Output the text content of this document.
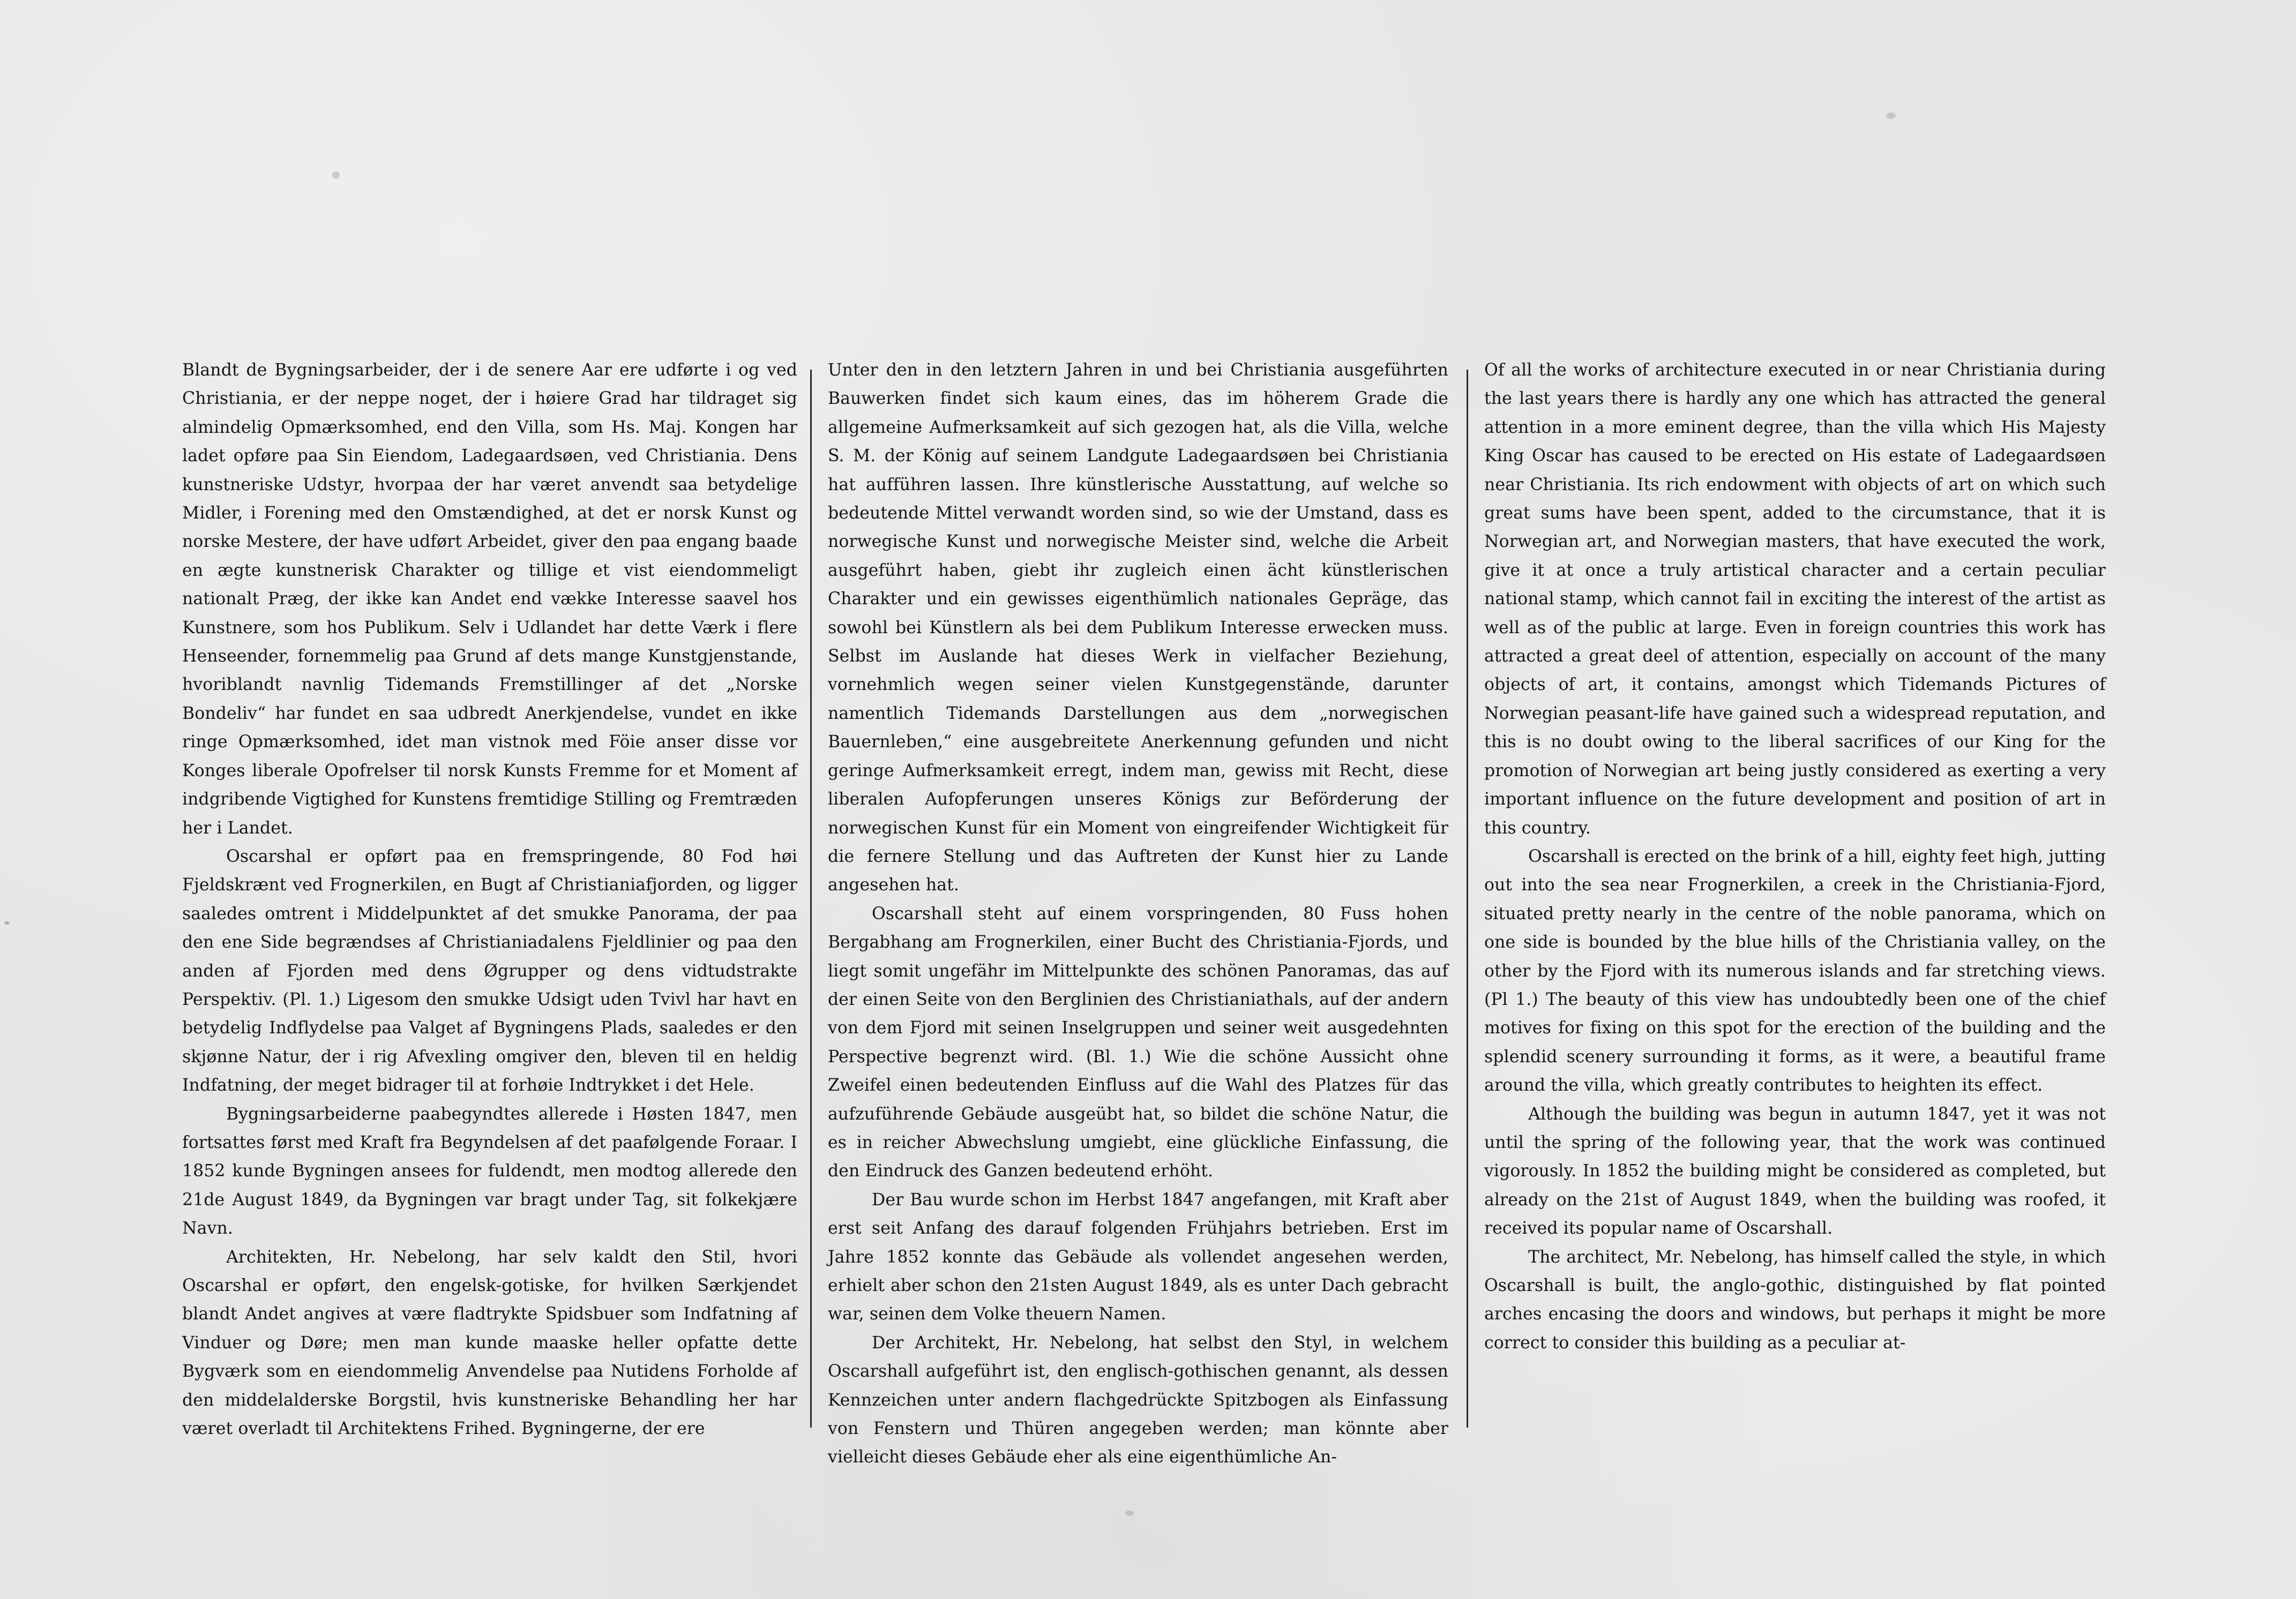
Blandt de Bygningsarbeider, der i de senere Aar ere udførte i og ved Christiania, er der neppe noget, der i høiere Grad har tildraget sig almindelig Opmærksomhed, end den Villa, som Hs. Maj. Kongen har ladet opføre paa Sin Eiendom, Ladegaardsøen, ved Christiania. Dens kunstneriske Udstyr, hvorpaa der har været anvendt saa betydelige Midler, i Forening med den Omstændighed, at det er norsk Kunst og norske Mestere, der have udført Arbeidet, giver den paa engang baade en ægte kunstnerisk Charakter og tillige et vist eiendommeligt nationalt Præg, der ikke kan Andet end vække Interesse saavel hos Kunstnere, som hos Publikum. Selv i Udlandet har dette Værk i flere Henseender, fornemmelig paa Grund af dets mange Kunstgjenstande, hvoriblandt navnlig Tidemands Fremstillinger af det „Norske Bondeliv“ har fundet en saa udbredt Anerkjendelse, vundet en ikke ringe Opmærksomhed, idet man vistnok med Föie anser disse vor Konges liberale Opofrelser til norsk Kunsts Fremme for et Moment af indgribende Vigtighed for Kunstens fremtidige Stilling og Fremtræden her i Landet.

Oscarshal er opført paa en fremspringende, 80 Fod høi Fjeldskrænt ved Frognerkilen, en Bugt af Christianiafjorden, og ligger saaledes omtrent i Middelpunktet af det smukke Panorama, der paa den ene Side begrændses af Christianiadalens Fjeldlinier og paa den anden af Fjorden med dens Øgrupper og dens vidtudstrakte Perspektiv. (Pl. 1.) Ligesom den smukke Udsigt uden Tvivl har havt en betydelig Indflydelse paa Valget af Bygningens Plads, saaledes er den skjønne Natur, der i rig Afvexling omgiver den, bleven til en heldig Indfatning, der meget bidrager til at forhøie Indtrykket i det Hele.

Bygningsarbeiderne paabegyndtes allerede i Høsten 1847, men fortsattes først med Kraft fra Begyndelsen af det paafølgende Foraar. I 1852 kunde Bygningen ansees for fuldendt, men modtog allerede den 21de August 1849, da Bygningen var bragt under Tag, sit folkekjære Navn.

Architekten, Hr. Nebelong, har selv kaldt den Stil, hvori Oscarshal er opført, den engelsk-gotiske, for hvilken Særkjendet blandt Andet angives at være fladtrykte Spidsbuer som Indfatning af Vinduer og Døre; men man kunde maaske heller opfatte dette Bygværk som en eiendommelig Anvendelse paa Nutidens Forholde af den middelalderske Borgstil, hvis kunstneriske Behandling her har været overladt til Architektens Frihed. Bygningerne, der ere

Unter den in den letztern Jahren in und bei Christiania ausgeführten Bauwerken findet sich kaum eines, das im höherem Grade die allgemeine Aufmerksamkeit auf sich gezogen hat, als die Villa, welche S. M. der König auf seinem Landgute Ladegaardsøen bei Christiania hat aufführen lassen. Ihre künstlerische Ausstattung, auf welche so bedeutende Mittel verwandt worden sind, so wie der Umstand, dass es norwegische Kunst und norwegische Meister sind, welche die Arbeit ausgeführt haben, giebt ihr zugleich einen ächt künstlerischen Charakter und ein gewisses eigenthümlich nationales Gepräge, das sowohl bei Künstlern als bei dem Publikum Interesse erwecken muss. Selbst im Auslande hat dieses Werk in vielfacher Beziehung, vornehmlich wegen seiner vielen Kunstgegenstände, darunter namentlich Tidemands Darstellungen aus dem „norwegischen Bauernleben,“ eine ausgebreitete Anerkennung gefunden und nicht geringe Aufmerksamkeit erregt, indem man, gewiss mit Recht, diese liberalen Aufopferungen unseres Königs zur Beförderung der norwegischen Kunst für ein Moment von eingreifender Wichtigkeit für die fernere Stellung und das Auftreten der Kunst hier zu Lande angesehen hat.

Oscarshall steht auf einem vorspringenden, 80 Fuss hohen Bergabhang am Frognerkilen, einer Bucht des Christiania-Fjords, und liegt somit ungefähr im Mittelpunkte des schönen Panoramas, das auf der einen Seite von den Berglinien des Christianiathals, auf der andern von dem Fjord mit seinen Inselgruppen und seiner weit ausgedehnten Perspective begrenzt wird. (Bl. 1.) Wie die schöne Aussicht ohne Zweifel einen bedeutenden Einfluss auf die Wahl des Platzes für das aufzuführende Gebäude ausgeübt hat, so bildet die schöne Natur, die es in reicher Abwechslung umgiebt, eine glückliche Einfassung, die den Eindruck des Ganzen bedeutend erhöht.

Der Bau wurde schon im Herbst 1847 angefangen, mit Kraft aber erst seit Anfang des darauf folgenden Frühjahrs betrieben. Erst im Jahre 1852 konnte das Gebäude als vollendet angesehen werden, erhielt aber schon den 21sten August 1849, als es unter Dach gebracht war, seinen dem Volke theuern Namen.

Der Architekt, Hr. Nebelong, hat selbst den Styl, in welchem Oscarshall aufgeführt ist, den englisch-gothischen genannt, als dessen Kennzeichen unter andern flachgedrückte Spitzbogen als Einfassung von Fenstern und Thüren angegeben werden; man könnte aber vielleicht dieses Gebäude eher als eine eigenthümliche An-

Of all the works of architecture executed in or near Christiania during the last years there is hardly any one which has attracted the general attention in a more eminent degree, than the villa which His Majesty King Oscar has caused to be erected on His estate of Ladegaardsøen near Christiania. Its rich endowment with objects of art on which such great sums have been spent, added to the circumstance, that it is Norwegian art, and Norwegian masters, that have executed the work, give it at once a truly artistical character and a certain peculiar national stamp, which cannot fail in exciting the interest of the artist as well as of the public at large. Even in foreign countries this work has attracted a great deel of attention, especially on account of the many objects of art, it contains, amongst which Tidemands Pictures of Norwegian peasant-life have gained such a widespread reputation, and this is no doubt owing to the liberal sacrifices of our King for the promotion of Norwegian art being justly considered as exerting a very important influence on the future development and position of art in this country.

Oscarshall is erected on the brink of a hill, eighty feet high, jutting out into the sea near Frognerkilen, a creek in the Christiania-Fjord, situated pretty nearly in the centre of the noble panorama, which on one side is bounded by the blue hills of the Christiania valley, on the other by the Fjord with its numerous islands and far stretching views. (Pl 1.) The beauty of this view has undoubtedly been one of the chief motives for fixing on this spot for the erection of the building and the splendid scenery surrounding it forms, as it were, a beautiful frame around the villa, which greatly contributes to heighten its effect.

Although the building was begun in autumn 1847, yet it was not until the spring of the following year, that the work was continued vigorously. In 1852 the building might be considered as completed, but already on the 21st of August 1849, when the building was roofed, it received its popular name of Oscarshall.

The architect, Mr. Nebelong, has himself called the style, in which Oscarshall is built, the anglo-gothic, distinguished by flat pointed arches encasing the doors and windows, but perhaps it might be more correct to consider this building as a peculiar at-
